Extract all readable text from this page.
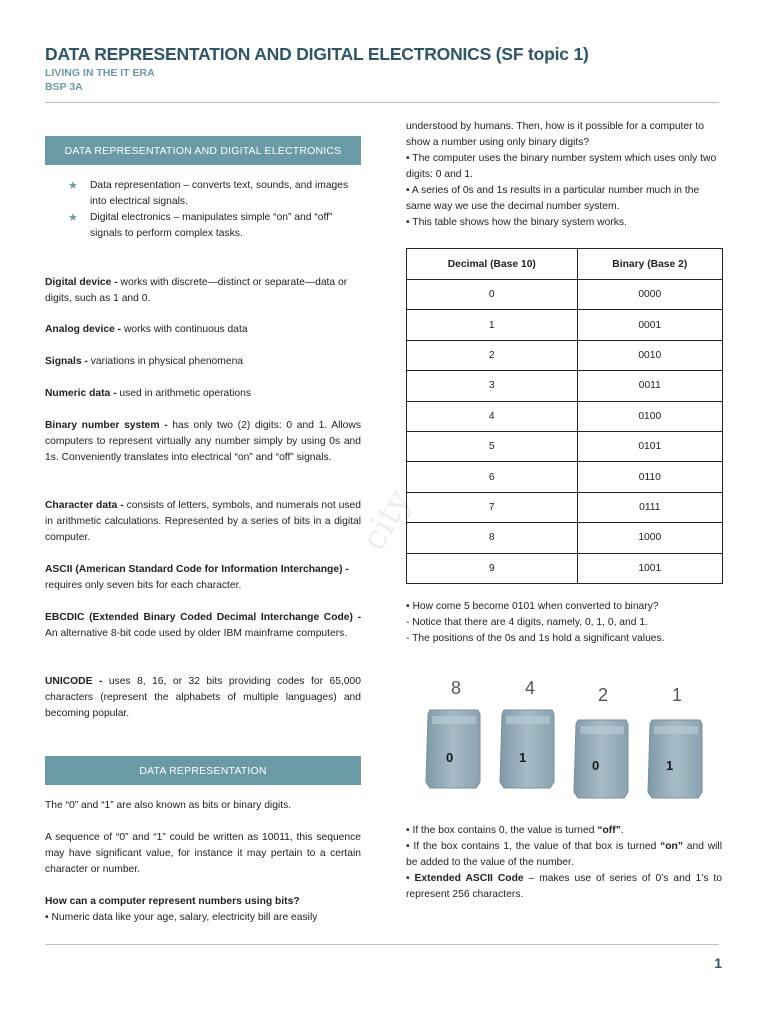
city
DATA REPRESENTATION AND DIGITAL ELECTRONICS (SF topic 1)
LIVING IN THE IT ERA
BSP 3A
DATA REPRESENTATION AND DIGITAL ELECTRONICS
★ Data representation – converts text, sounds, and images into electrical signals.
★ Digital electronics – manipulates simple “on” and “off” signals to perform complex tasks.
Digital device - works with discrete—distinct or separate—data or digits, such as 1 and 0.
Analog device - works with continuous data
Signals - variations in physical phenomena
Numeric data - used in arithmetic operations
Binary number system - has only two (2) digits: 0 and 1. Allows computers to represent virtually any number simply by using 0s and 1s. Conveniently translates into electrical “on” and “off” signals.
Character data - consists of letters, symbols, and numerals not used in arithmetic calculations. Represented by a series of bits in a digital computer.
ASCII (American Standard Code for Information Interchange) - requires only seven bits for each character.
EBCDIC (Extended Binary Coded Decimal Interchange Code) - An alternative 8-bit code used by older IBM mainframe computers.
UNICODE - uses 8, 16, or 32 bits providing codes for 65,000 characters (represent the alphabets of multiple languages) and becoming popular.
DATA REPRESENTATION
The “0” and “1” are also known as bits or binary digits.
A sequence of “0” and “1” could be written as 10011, this sequence may have significant value, for instance it may pertain to a certain character or number.
How can a computer represent numbers using bits?
• Numeric data like your age, salary, electricity bill are easily
understood by humans. Then, how is it possible for a computer to show a number using only binary digits?
• The computer uses the binary number system which uses only two digits: 0 and 1.
• A series of 0s and 1s results in a particular number much in the same way we use the decimal number system.
• This table shows how the binary system works.
Decimal (Base 10)	Binary (Base 2)
0	0000
1	0001
2	0010
3	0011
4	0100
5	0101
6	0110
7	0111
8	1000
9	1001
• How come 5 become 0101 when converted to binary?
- Notice that there are 4 digits, namely, 0, 1, 0, and 1.
- The positions of the 0s and 1s hold a significant values.
8	4	2	1
0	1
0	1
• If the box contains 0, the value is turned “off”.
• If the box contains 1, the value of that box is turned “on” and will be added to the value of the number.
• Extended ASCII Code – makes use of series of 0’s and 1’s to represent 256 characters.
1
